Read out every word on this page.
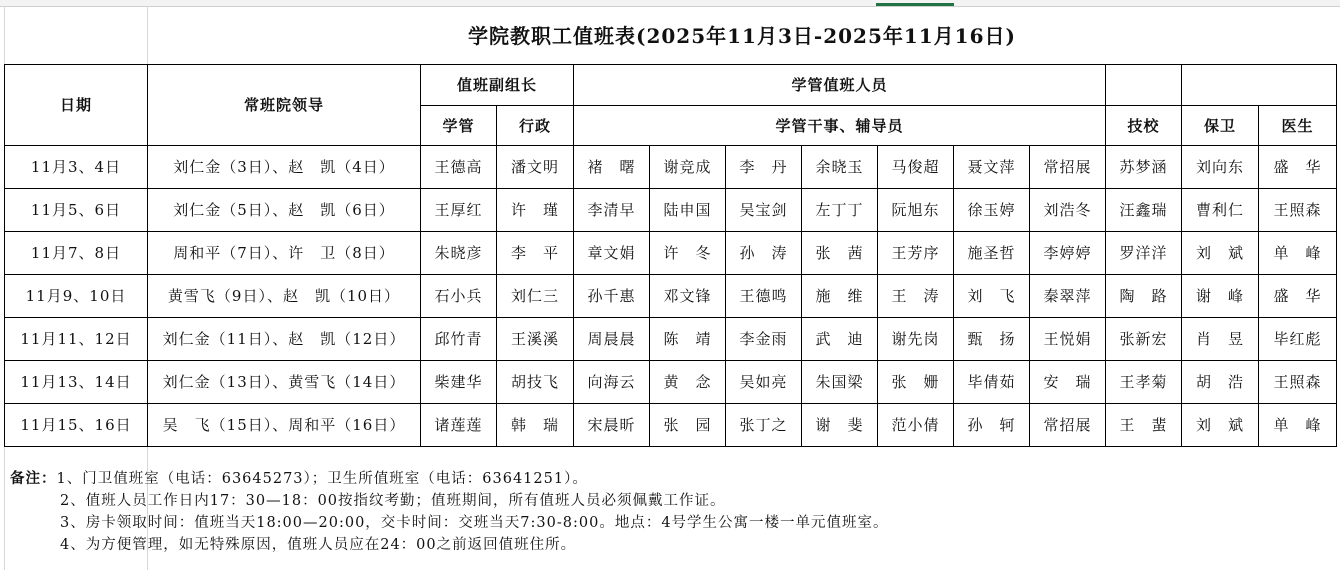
	学院教职工值班表(2025年11月3日-2025年11月16日)												
日期	常班院领导	值班副组长		学管值班人员									
		学管	行政	学管干事、辅导员							技校	保卫	医生
11月3、4日	刘仁金（3日）、赵　凯（4日）	王德高	潘文明	褚　曙	谢竞成	李　丹	余晓玉	马俊超	聂文萍	常招展	苏梦涵	刘向东	盛　华
11月5、6日	刘仁金（5日）、赵　凯（6日）	王厚红	许　瑾	李清早	陆申国	吴宝剑	左丁丁	阮旭东	徐玉婷	刘浩冬	汪鑫瑞	曹利仁	王照森
11月7、8日	周和平（7日）、许　卫（8日）	朱晓彦	李　平	章文娟	许　冬	孙　涛	张　茜	王芳序	施圣哲	李婷婷	罗洋洋	刘　斌	单　峰
11月9、10日	黄雪飞（9日）、赵　凯（10日）	石小兵	刘仁三	孙千惠	邓文锋	王德鸣	施　维	王　涛	刘　飞	秦翠萍	陶　路	谢　峰	盛　华
11月11、12日	刘仁金（11日）、赵　凯（12日）	邱竹青	王溪溪	周晨晨	陈　靖	李金雨	武　迪	谢先岗	甄　扬	王悦娟	张新宏	肖　昱	毕红彪
11月13、14日	刘仁金（13日）、黄雪飞（14日）	柴建华	胡技飞	向海云	黄　念	吴如亮	朱国梁	张　姗	毕倩茹	安　瑞	王孝菊	胡　浩	王照森
11月15、16日	吴　飞（15日）、周和平（16日）	诸莲莲	韩　瑞	宋晨昕	张　园	张丁之	谢　斐	范小倩	孙　轲	常招展	王　蜚	刘　斌	单　峰
备注：1、门卫值班室（电话：63645273）；卫生所值班室（电话：63641251）。
2、值班人员工作日内17：30—18：00按指纹考勤；值班期间，所有值班人员必须佩戴工作证。
3、房卡领取时间：值班当天18:00—20:00，交卡时间：交班当天7:30-8:00。地点：4号学生公寓一楼一单元值班室。
4、为方便管理，如无特殊原因，值班人员应在24：00之前返回值班住所。
